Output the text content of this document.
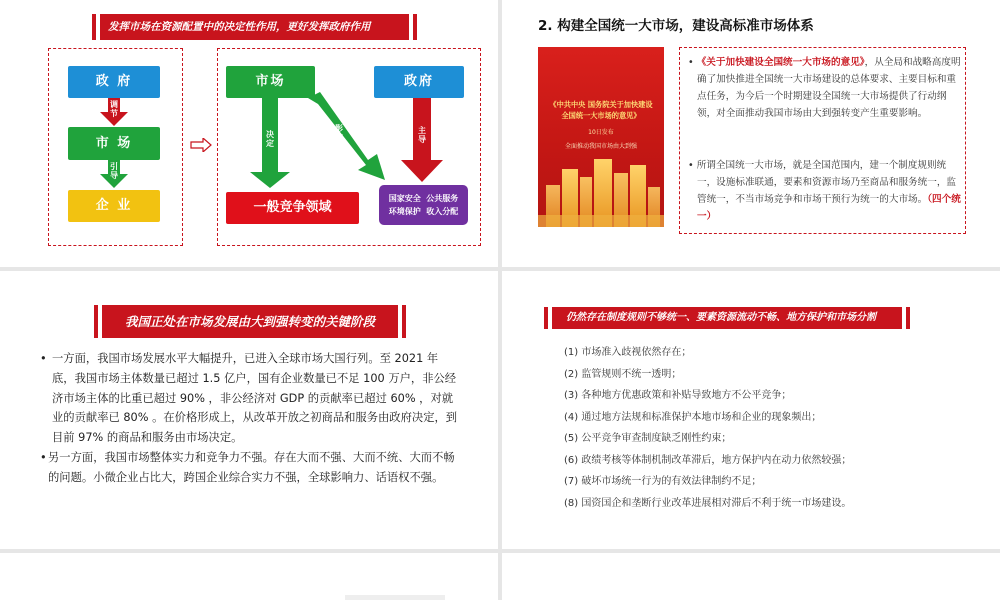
发挥市场在资源配置中的决定性作用，更好发挥政府作用
政 府
调节
市 场
引导
企 业
市场	政府
决定
影响
主导
一般竞争领域
国家安全 公共服务
环境保护 收入分配
2. 构建全国统一大市场，建设高标准市场体系
《中共中央 国务院关于加快建设
全国统一大市场的意见》
10日发布
全面推动我国市场由大到强
• 《关于加快建设全国统一大市场的意见》，从全局和战略高度明确了加快推进全国统一大市场建设的总体要求、主要目标和重点任务，为今后一个时期建设全国统一大市场提供了行动纲领，对全面推动我国市场由大到强转变产生重要影响。
• 所谓全国统一大市场，就是全国范围内，建一个制度规则统一，设施标准联通，要素和资源市场乃至商品和服务统一，监管统一，不当市场竞争和市场干预行为统一的大市场。（四个统一）
我国正处在市场发展由大到强转变的关键阶段
• 一方面，我国市场发展水平大幅提升，已进入全球市场大国行列。至 2021 年底，我国市场主体数量已超过 1.5 亿户，国有企业数量已不足 100 万户，非公经济市场主体的比重已超过 90% ，非公经济对 GDP 的贡献率已超过 60% ，对就业的贡献率已 80% 。在价格形成上，从改革开放之初商品和服务由政府决定，到目前 97% 的商品和服务由市场决定。
• 另一方面，我国市场整体实力和竞争力不强。存在大而不强、大而不统、大而不畅的问题。小微企业占比大，跨国企业综合实力不强，全球影响力、话语权不强。
仍然存在制度规则不够统一、要素资源流动不畅、地方保护和市场分割
(1) 市场准入歧视依然存在；
(2) 监管规则不统一透明；
(3) 各种地方优惠政策和补贴导致地方不公平竞争；
(4) 通过地方法规和标准保护本地市场和企业的现象频出；
(5) 公平竞争审查制度缺乏刚性约束；
(6) 政绩考核等体制机制改革滞后，地方保护内在动力依然较强；
(7) 破坏市场统一行为的有效法律制约不足；
(8) 国资国企和垄断行业改革进展相对滞后不利于统一市场建设。
